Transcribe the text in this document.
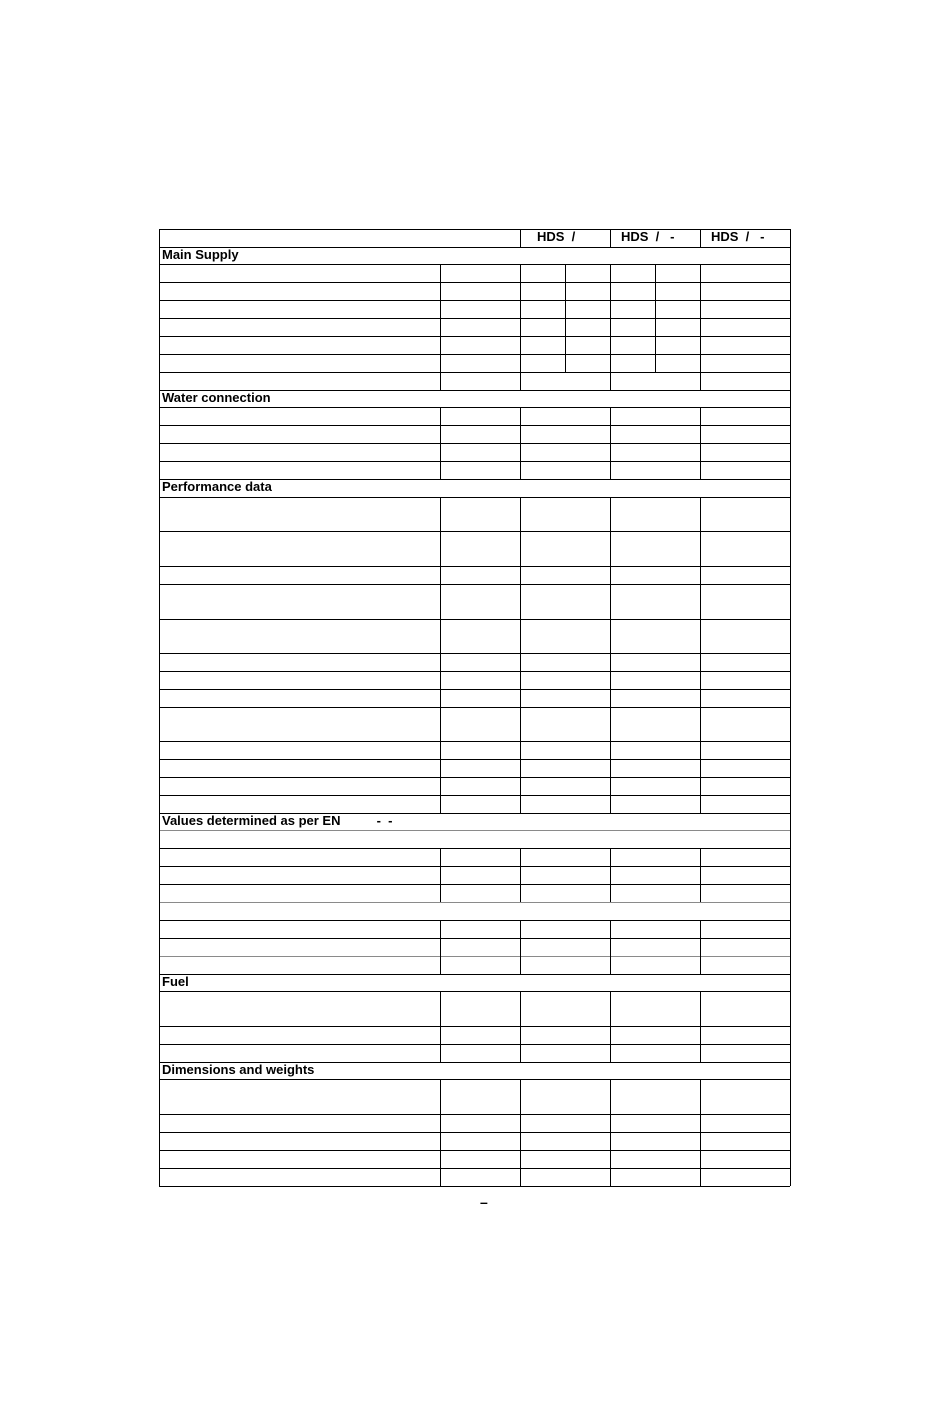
HDS  /	HDS  /   -	HDS  /   -
Main Supply
Water connection
Performance data
Values determined as per EN          -  -
Fuel
Dimensions and weights
–
